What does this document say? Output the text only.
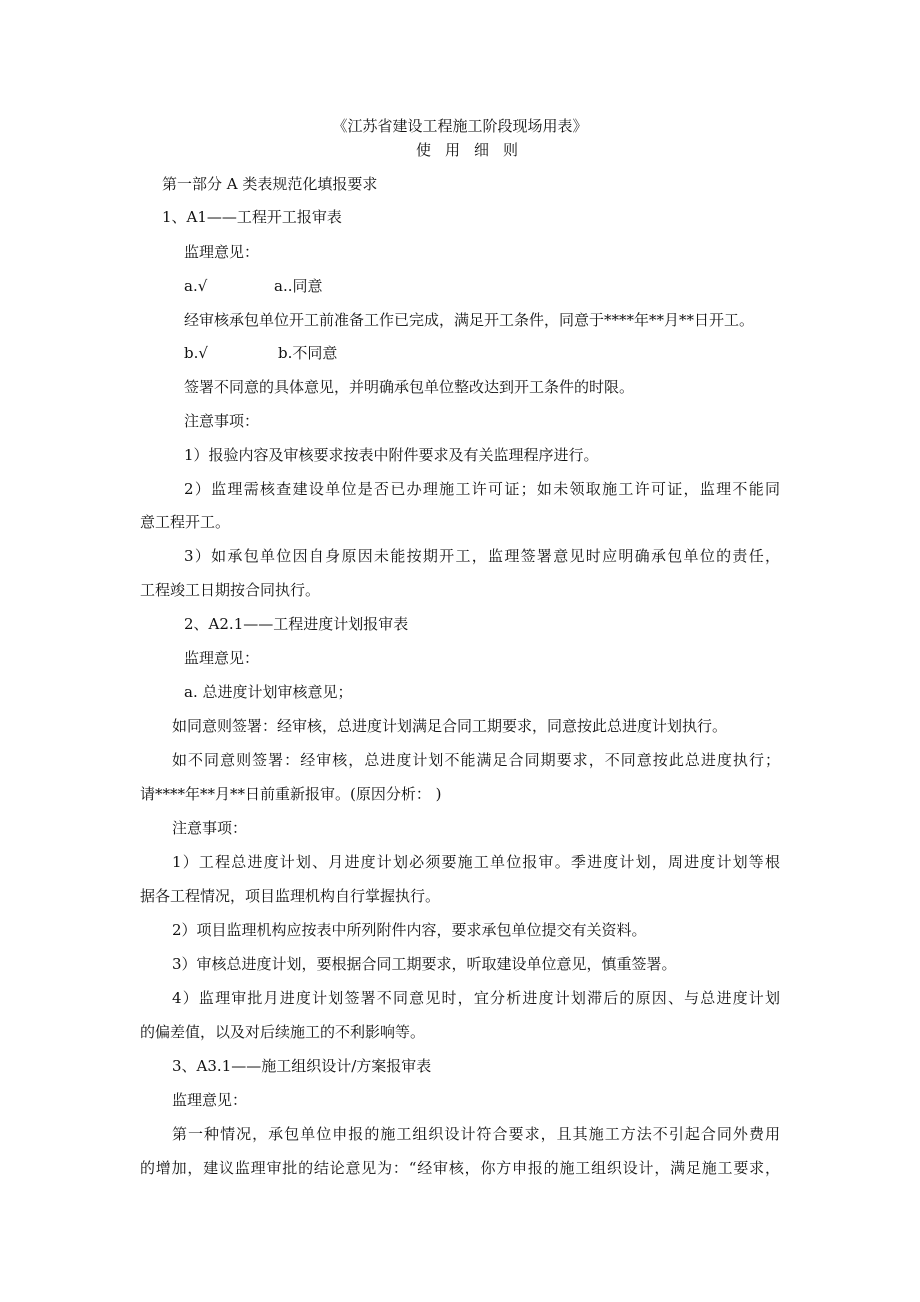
《江苏省建设工程施工阶段现场用表》
使用细则
第一部分 A 类表规范化填报要求
1、A1——工程开工报审表
监理意见：
a.√	a..同意
经审核承包单位开工前准备工作已完成，满足开工条件，同意于****年**月**日开工。
b.√	b.不同意
签署不同意的具体意见，并明确承包单位整改达到开工条件的时限。
注意事项：
1）报验内容及审核要求按表中附件要求及有关监理程序进行。
2）监理需核查建设单位是否已办理施工许可证；如未领取施工许可证，监理不能同
意工程开工。
3）如承包单位因自身原因未能按期开工，监理签署意见时应明确承包单位的责任，
工程竣工日期按合同执行。
2、A2.1——工程进度计划报审表
监理意见：
a. 总进度计划审核意见；
如同意则签署：经审核，总进度计划满足合同工期要求，同意按此总进度计划执行。
如不同意则签署：经审核，总进度计划不能满足合同期要求，不同意按此总进度执行；
请****年**月**日前重新报审。(原因分析： )
注意事项：
1）工程总进度计划、月进度计划必须要施工单位报审。季进度计划，周进度计划等根
据各工程情况，项目监理机构自行掌握执行。
2）项目监理机构应按表中所列附件内容，要求承包单位提交有关资料。
3）审核总进度计划，要根据合同工期要求，听取建设单位意见，慎重签署。
4）监理审批月进度计划签署不同意见时，宜分析进度计划滞后的原因、与总进度计划
的偏差值，以及对后续施工的不利影响等。
3、A3.1——施工组织设计/方案报审表
监理意见：
第一种情况，承包单位申报的施工组织设计符合要求，且其施工方法不引起合同外费用
的增加，建议监理审批的结论意见为：“经审核，你方申报的施工组织设计，满足施工要求，
